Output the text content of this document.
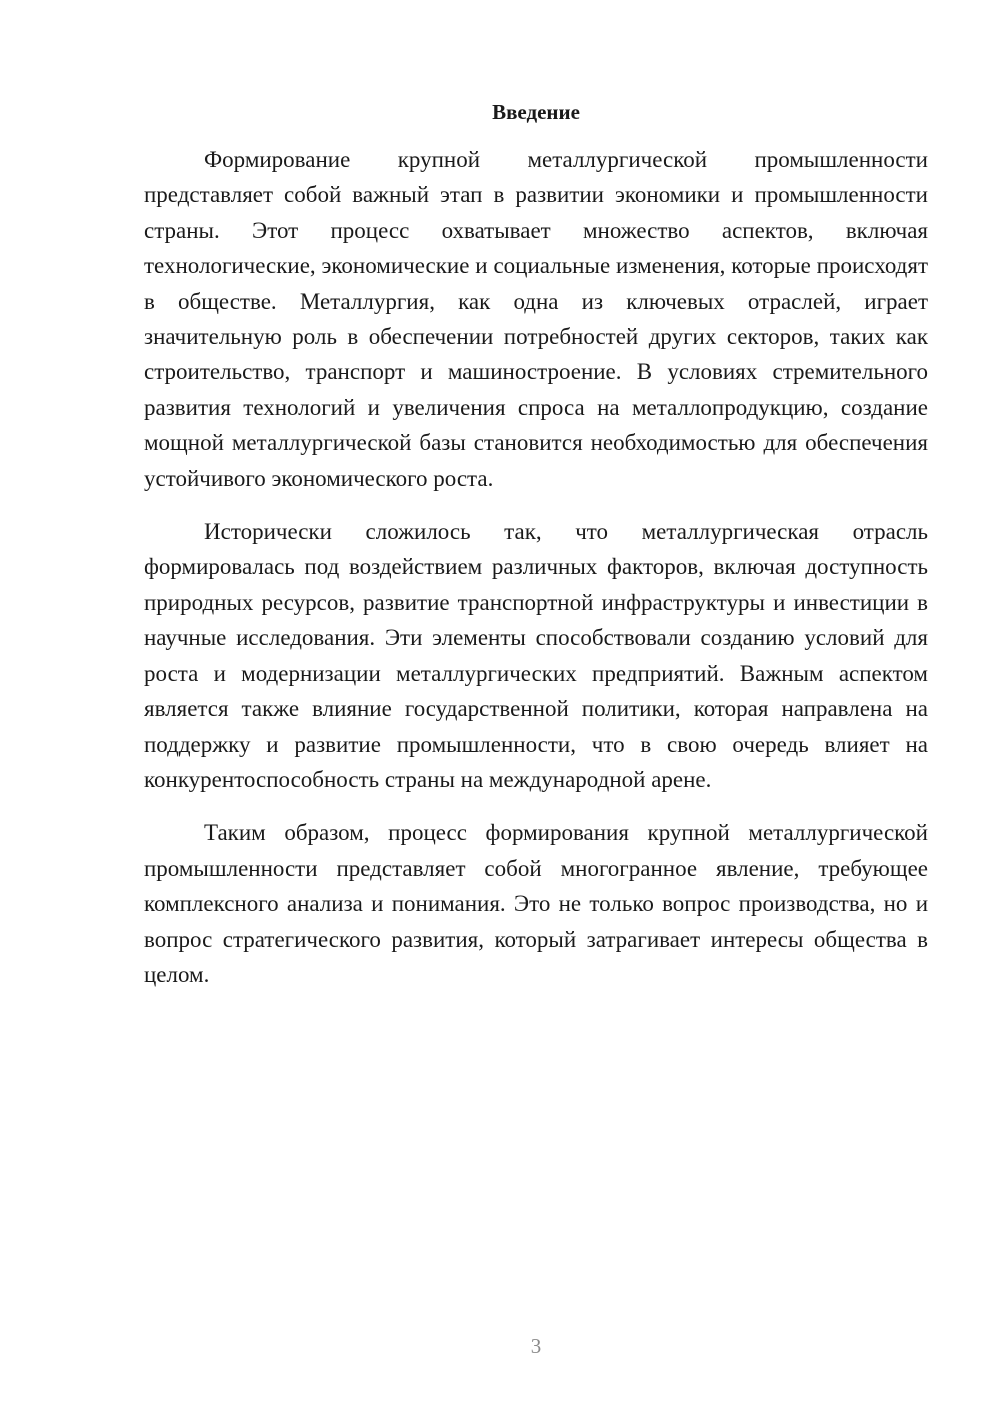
Введение

Формирование крупной металлургической промышленности представляет собой важный этап в развитии экономики и промышленности страны. Этот процесс охватывает множество аспектов, включая технологические, экономические и социальные изменения, которые происходят в обществе. Металлургия, как одна из ключевых отраслей, играет значительную роль в обеспечении потребностей других секторов, таких как строительство, транспорт и машиностроение. В условиях стремительного развития технологий и увеличения спроса на металлопродукцию, создание мощной металлургической базы становится необходимостью для обеспечения устойчивого экономического роста.

Исторически сложилось так, что металлургическая отрасль формировалась под воздействием различных факторов, включая доступность природных ресурсов, развитие транспортной инфраструктуры и инвестиции в научные исследования. Эти элементы способствовали созданию условий для роста и модернизации металлургических предприятий. Важным аспектом является также влияние государственной политики, которая направлена на поддержку и развитие промышленности, что в свою очередь влияет на конкурентоспособность страны на международной арене.

Таким образом, процесс формирования крупной металлургической промышленности представляет собой многогранное явление, требующее комплексного анализа и понимания. Это не только вопрос производства, но и вопрос стратегического развития, который затрагивает интересы общества в целом.

3
